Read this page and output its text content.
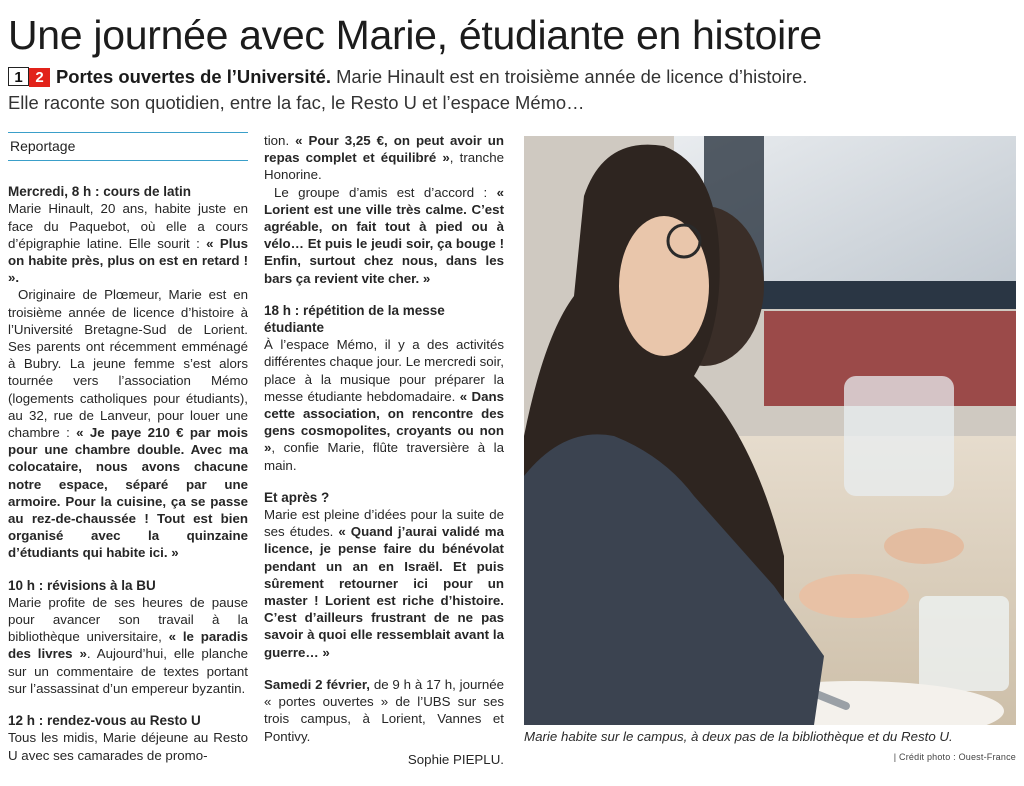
Une journée avec Marie, étudiante en histoire
1 2 Portes ouvertes de l’Université. Marie Hinault est en troisième année de licence d’histoire.
Elle raconte son quotidien, entre la fac, le Resto U et l’espace Mémo…
Reportage
Mercredi, 8 h : cours de latin

Marie Hinault, 20 ans, habite juste en face du Paquebot, où elle a cours d’épigraphie latine. Elle sourit : « Plus on habite près, plus on est en retard ! ».

Originaire de Plœmeur, Marie est en troisième année de licence d’histoire à l’Université Bretagne-Sud de Lorient. Ses parents ont récemment emménagé à Bubry. La jeune femme s’est alors tournée vers l’association Mémo (logements catholiques pour étudiants), au 32, rue de Lanveur, pour louer une chambre : « Je paye 210 € par mois pour une chambre double. Avec ma colocataire, nous avons chacune notre espace, séparé par une armoire. Pour la cuisine, ça se passe au rez-de-chaussée ! Tout est bien organisé avec la quinzaine d’étudiants qui habite ici. »

10 h : révisions à la BU

Marie profite de ses heures de pause pour avancer son travail à la bibliothèque universitaire, « le paradis des livres ». Aujourd’hui, elle planche sur un commentaire de textes portant sur l’assassinat d’un empereur byzantin.

12 h : rendez-vous au Resto U

Tous les midis, Marie déjeune au Resto U avec ses camarades de promo-

tion. « Pour 3,25 €, on peut avoir un repas complet et équilibré », tranche Honorine.

Le groupe d’amis est d’accord : « Lorient est une ville très calme. C’est agréable, on fait tout à pied ou à vélo… Et puis le jeudi soir, ça bouge ! Enfin, surtout chez nous, dans les bars ça revient vite cher. »

18 h : répétition de la messe étudiante

À l’espace Mémo, il y a des activités différentes chaque jour. Le mercredi soir, place à la musique pour préparer la messe étudiante hebdomadaire. « Dans cette association, on rencontre des gens cosmopolites, croyants ou non », confie Marie, flûte traversière à la main.

Et après ?

Marie est pleine d’idées pour la suite de ses études. « Quand j’aurai validé ma licence, je pense faire du bénévolat pendant un an en Israël. Et puis sûrement retourner ici pour un master ! Lorient est riche d’histoire. C’est d’ailleurs frustrant de ne pas savoir à quoi elle ressemblait avant la guerre… »

Samedi 2 février, de 9 h à 17 h, journée « portes ouvertes » de l’UBS sur ses trois campus, à Lorient, Vannes et Pontivy.

Sophie PIEPLU.
Marie habite sur le campus, à deux pas de la bibliothèque et du Resto U.
| Crédit photo : Ouest-France
